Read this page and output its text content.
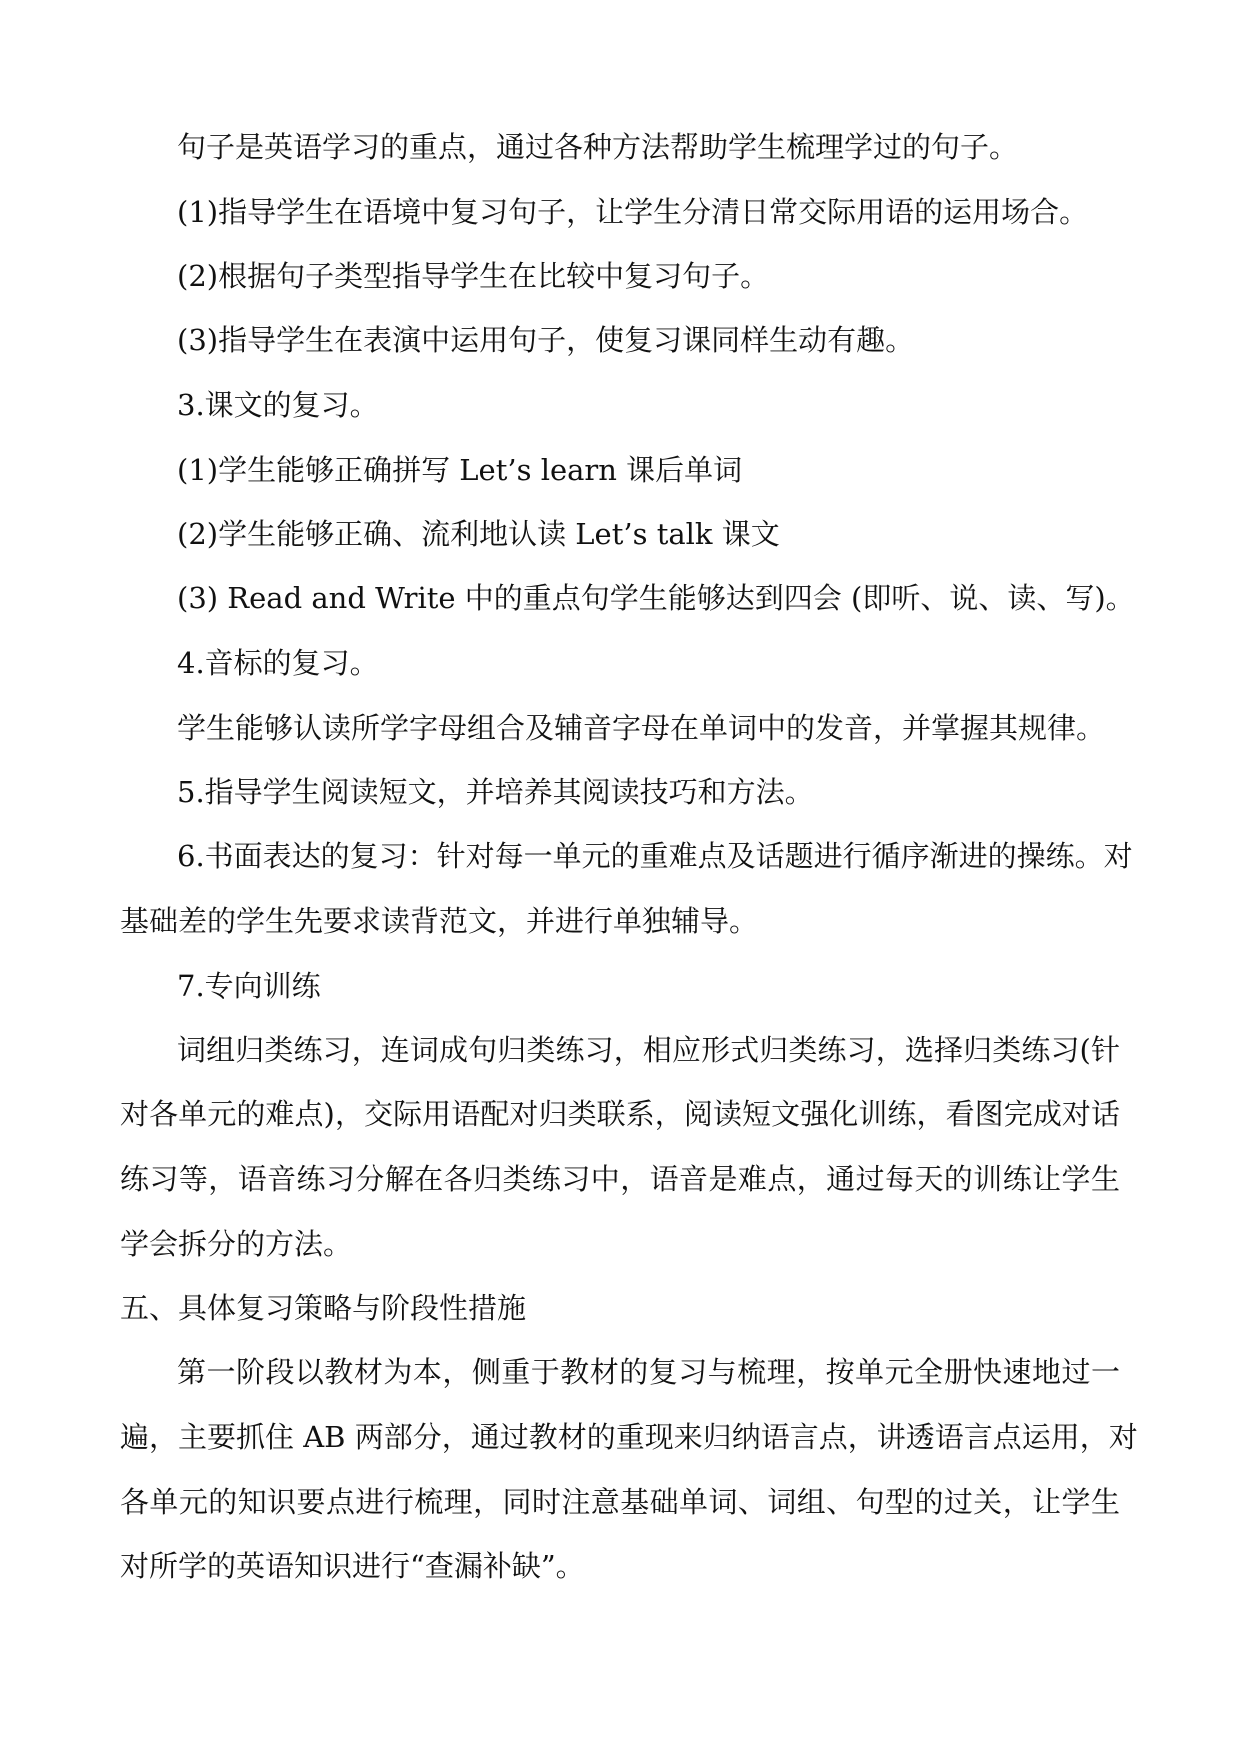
句子是英语学习的重点，通过各种方法帮助学生梳理学过的句子。

(1)指导学生在语境中复习句子，让学生分清日常交际用语的运用场合。

(2)根据句子类型指导学生在比较中复习句子。

(3)指导学生在表演中运用句子，使复习课同样生动有趣。

3.课文的复习。

(1)学生能够正确拼写 Let’s learn 课后单词

(2)学生能够正确、流利地认读 Let’s talk 课文

(3) Read and Write 中的重点句学生能够达到四会 (即听、说、读、写)。

4.音标的复习。

学生能够认读所学字母组合及辅音字母在单词中的发音，并掌握其规律。

5.指导学生阅读短文，并培养其阅读技巧和方法。

6.书面表达的复习：针对每一单元的重难点及话题进行循序渐进的操练。对

基础差的学生先要求读背范文，并进行单独辅导。

7.专向训练

词组归类练习，连词成句归类练习，相应形式归类练习，选择归类练习(针

对各单元的难点)，交际用语配对归类联系，阅读短文强化训练，看图完成对话

练习等，语音练习分解在各归类练习中，语音是难点，通过每天的训练让学生

学会拆分的方法。

五、具体复习策略与阶段性措施

第一阶段以教材为本，侧重于教材的复习与梳理，按单元全册快速地过一

遍，主要抓住 AB 两部分，通过教材的重现来归纳语言点，讲透语言点运用，对

各单元的知识要点进行梳理，同时注意基础单词、词组、句型的过关，让学生

对所学的英语知识进行“查漏补缺”。
